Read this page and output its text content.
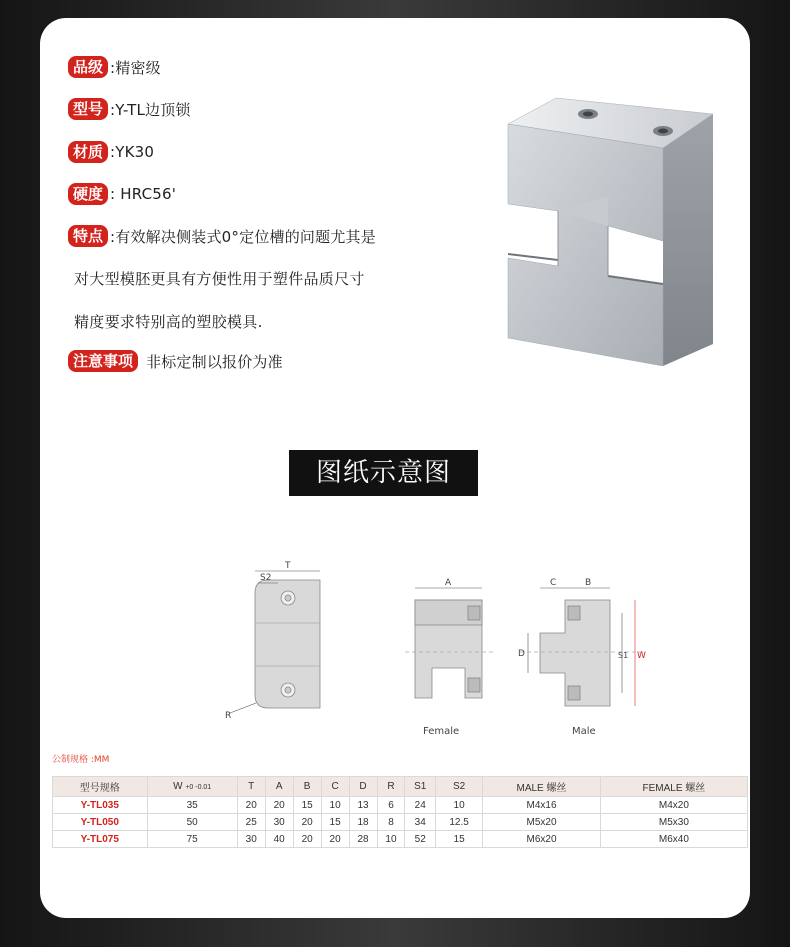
品级 :精密级
型号 :Y-TL边顶锁
材质 :YK30
硬度 : HRC56'
特点 :有效解决侧装式0°定位槽的问题尤其是
对大型模胚更具有方便性用于塑件品质尺寸
精度要求特别高的塑胶模具.
注意事项 非标定制以报价为准
图纸示意图
T
S2
R
A
Female
C	B
D	S1 W
Male
公制规格 :MM
型号规格	W +0 -0.01	T	A	B	C	D	R	S1	S2	MALE 螺丝	FEMALE 螺丝
Y-TL035	35	20	20	15	10	13	6	24	10	M4x16	M4x20
Y-TL050	50	25	30	20	15	18	8	34	12.5	M5x20	M5x30
Y-TL075	75	30	40	20	20	28	10	52	15	M6x20	M6x40
